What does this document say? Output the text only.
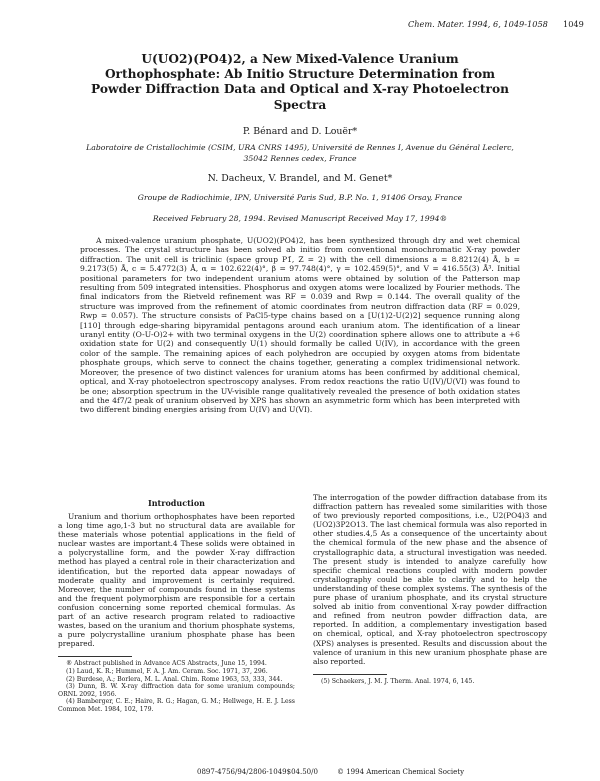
Chem. Mater. 1994, 6, 1049-1058 1049
U(UO2)(PO4)2, a New Mixed-Valence Uranium Orthophosphate: Ab Initio Structure Determination from Powder Diffraction Data and Optical and X-ray Photoelectron Spectra
P. Bénard and D. Louër*
Laboratoire de Cristallochimie (CSIM, URA CNRS 1495), Université de Rennes I, Avenue du Général Leclerc, 35042 Rennes cedex, France
N. Dacheux, V. Brandel, and M. Genet*
Groupe de Radiochimie, IPN, Université Paris Sud, B.P. No. 1, 91406 Orsay, France
Received February 28, 1994. Revised Manuscript Received May 17, 1994®

A mixed-valence uranium phosphate, U(UO2)(PO4)2, has been synthesized through dry and wet chemical processes. The crystal structure has been solved ab initio from conventional monochromatic X-ray powder diffraction. The unit cell is triclinic (space group P1̄, Z = 2) with the cell dimensions a = 8.8212(4) Å, b = 9.2173(5) Å, c = 5.4772(3) Å, α = 102.622(4)°, β = 97.748(4)°, γ = 102.459(5)°, and V = 416.55(3) Å³. Initial positional parameters for two independent uranium atoms were obtained by solution of the Patterson map resulting from 509 integrated intensities. Phosphorus and oxygen atoms were localized by Fourier methods. The final indicators from the Rietveld refinement was RF = 0.039 and Rwp = 0.144. The overall quality of the structure was improved from the refinement of atomic coordinates from neutron diffraction data (RF = 0.029, Rwp = 0.057). The structure consists of PaCl5-type chains based on a [U(1)2-U(2)2] sequence running along [110] through edge-sharing bipyramidal pentagons around each uranium atom. The identification of a linear uranyl entity (O-U-O)2+ with two terminal oxygens in the U(2) coordination sphere allows one to attribute a +6 oxidation state for U(2) and consequently U(1) should formally be called U(IV), in accordance with the green color of the sample. The remaining apices of each polyhedron are occupied by oxygen atoms from bidentate phosphate groups, which serve to connect the chains together, generating a complex tridimensional network. Moreover, the presence of two distinct valences for uranium atoms has been confirmed by additional chemical, optical, and X-ray photoelectron spectroscopy analyses. From redox reactions the ratio U(IV)/U(VI) was found to be one; absorption spectrum in the UV-visible range qualitatively revealed the presence of both oxidation states and the 4f7/2 peak of uranium observed by XPS has shown an asymmetric form which has been interpreted with two different binding energies arising from U(IV) and U(VI).

Introduction

Uranium and thorium orthophosphates have been reported a long time ago,1-3 but no structural data are available for these materials whose potential applications in the field of nuclear wastes are important.4 These solids were obtained in a polycrystalline form, and the powder X-ray diffraction method has played a central role in their characterization and identification, but the reported data appear nowadays of moderate quality and improvement is certainly required. Moreover, the number of compounds found in these systems and the frequent polymorphism are responsible for a certain confusion concerning some reported chemical formulas. As part of an active research program related to radioactive wastes, based on the uranium and thorium phosphate systems, a pure polycrystalline uranium phosphate phase has been prepared.

® Abstract published in Advance ACS Abstracts, June 15, 1994.

(1) Laud, K. R.; Hummel, F. A. J. Am. Ceram. Soc. 1971, 37, 296.

(2) Burdese, A.; Borlera, M. L. Anal. Chim. Rome 1963, 53, 333, 344.

(3) Dunn, B. W. X-ray diffraction data for some uranium compounds; ORNL 2092, 1956.

(4) Bamberger, C. E.; Haire, R. G.; Hagan, G. M.; Hellwege, H. E. J. Less Common Met. 1984, 102, 179.

The interrogation of the powder diffraction database from its diffraction pattern has revealed some similarities with those of two previously reported compositions, i.e., U2(PO4)3 and (UO2)3P2O13. The last chemical formula was also reported in other studies.4,5 As a consequence of the uncertainty about the chemical formula of the new phase and the absence of crystallographic data, a structural investigation was needed. The present study is intended to analyze carefully how specific chemical reactions coupled with modern powder crystallography could be able to clarify and to help the understanding of these complex systems. The synthesis of the pure phase of uranium phosphate, and its crystal structure solved ab initio from conventional X-ray powder diffraction and refined from neutron powder diffraction data, are reported. In addition, a complementary investigation based on chemical, optical, and X-ray photoelectron spectroscopy (XPS) analyses is presented. Results and discussion about the valence of uranium in this new uranium phosphate phase are also reported.

(5) Schaekers, J. M. J. Therm. Anal. 1974, 6, 145.

0897-4756/94/2806-1049$04.50/0	© 1994 American Chemical Society
